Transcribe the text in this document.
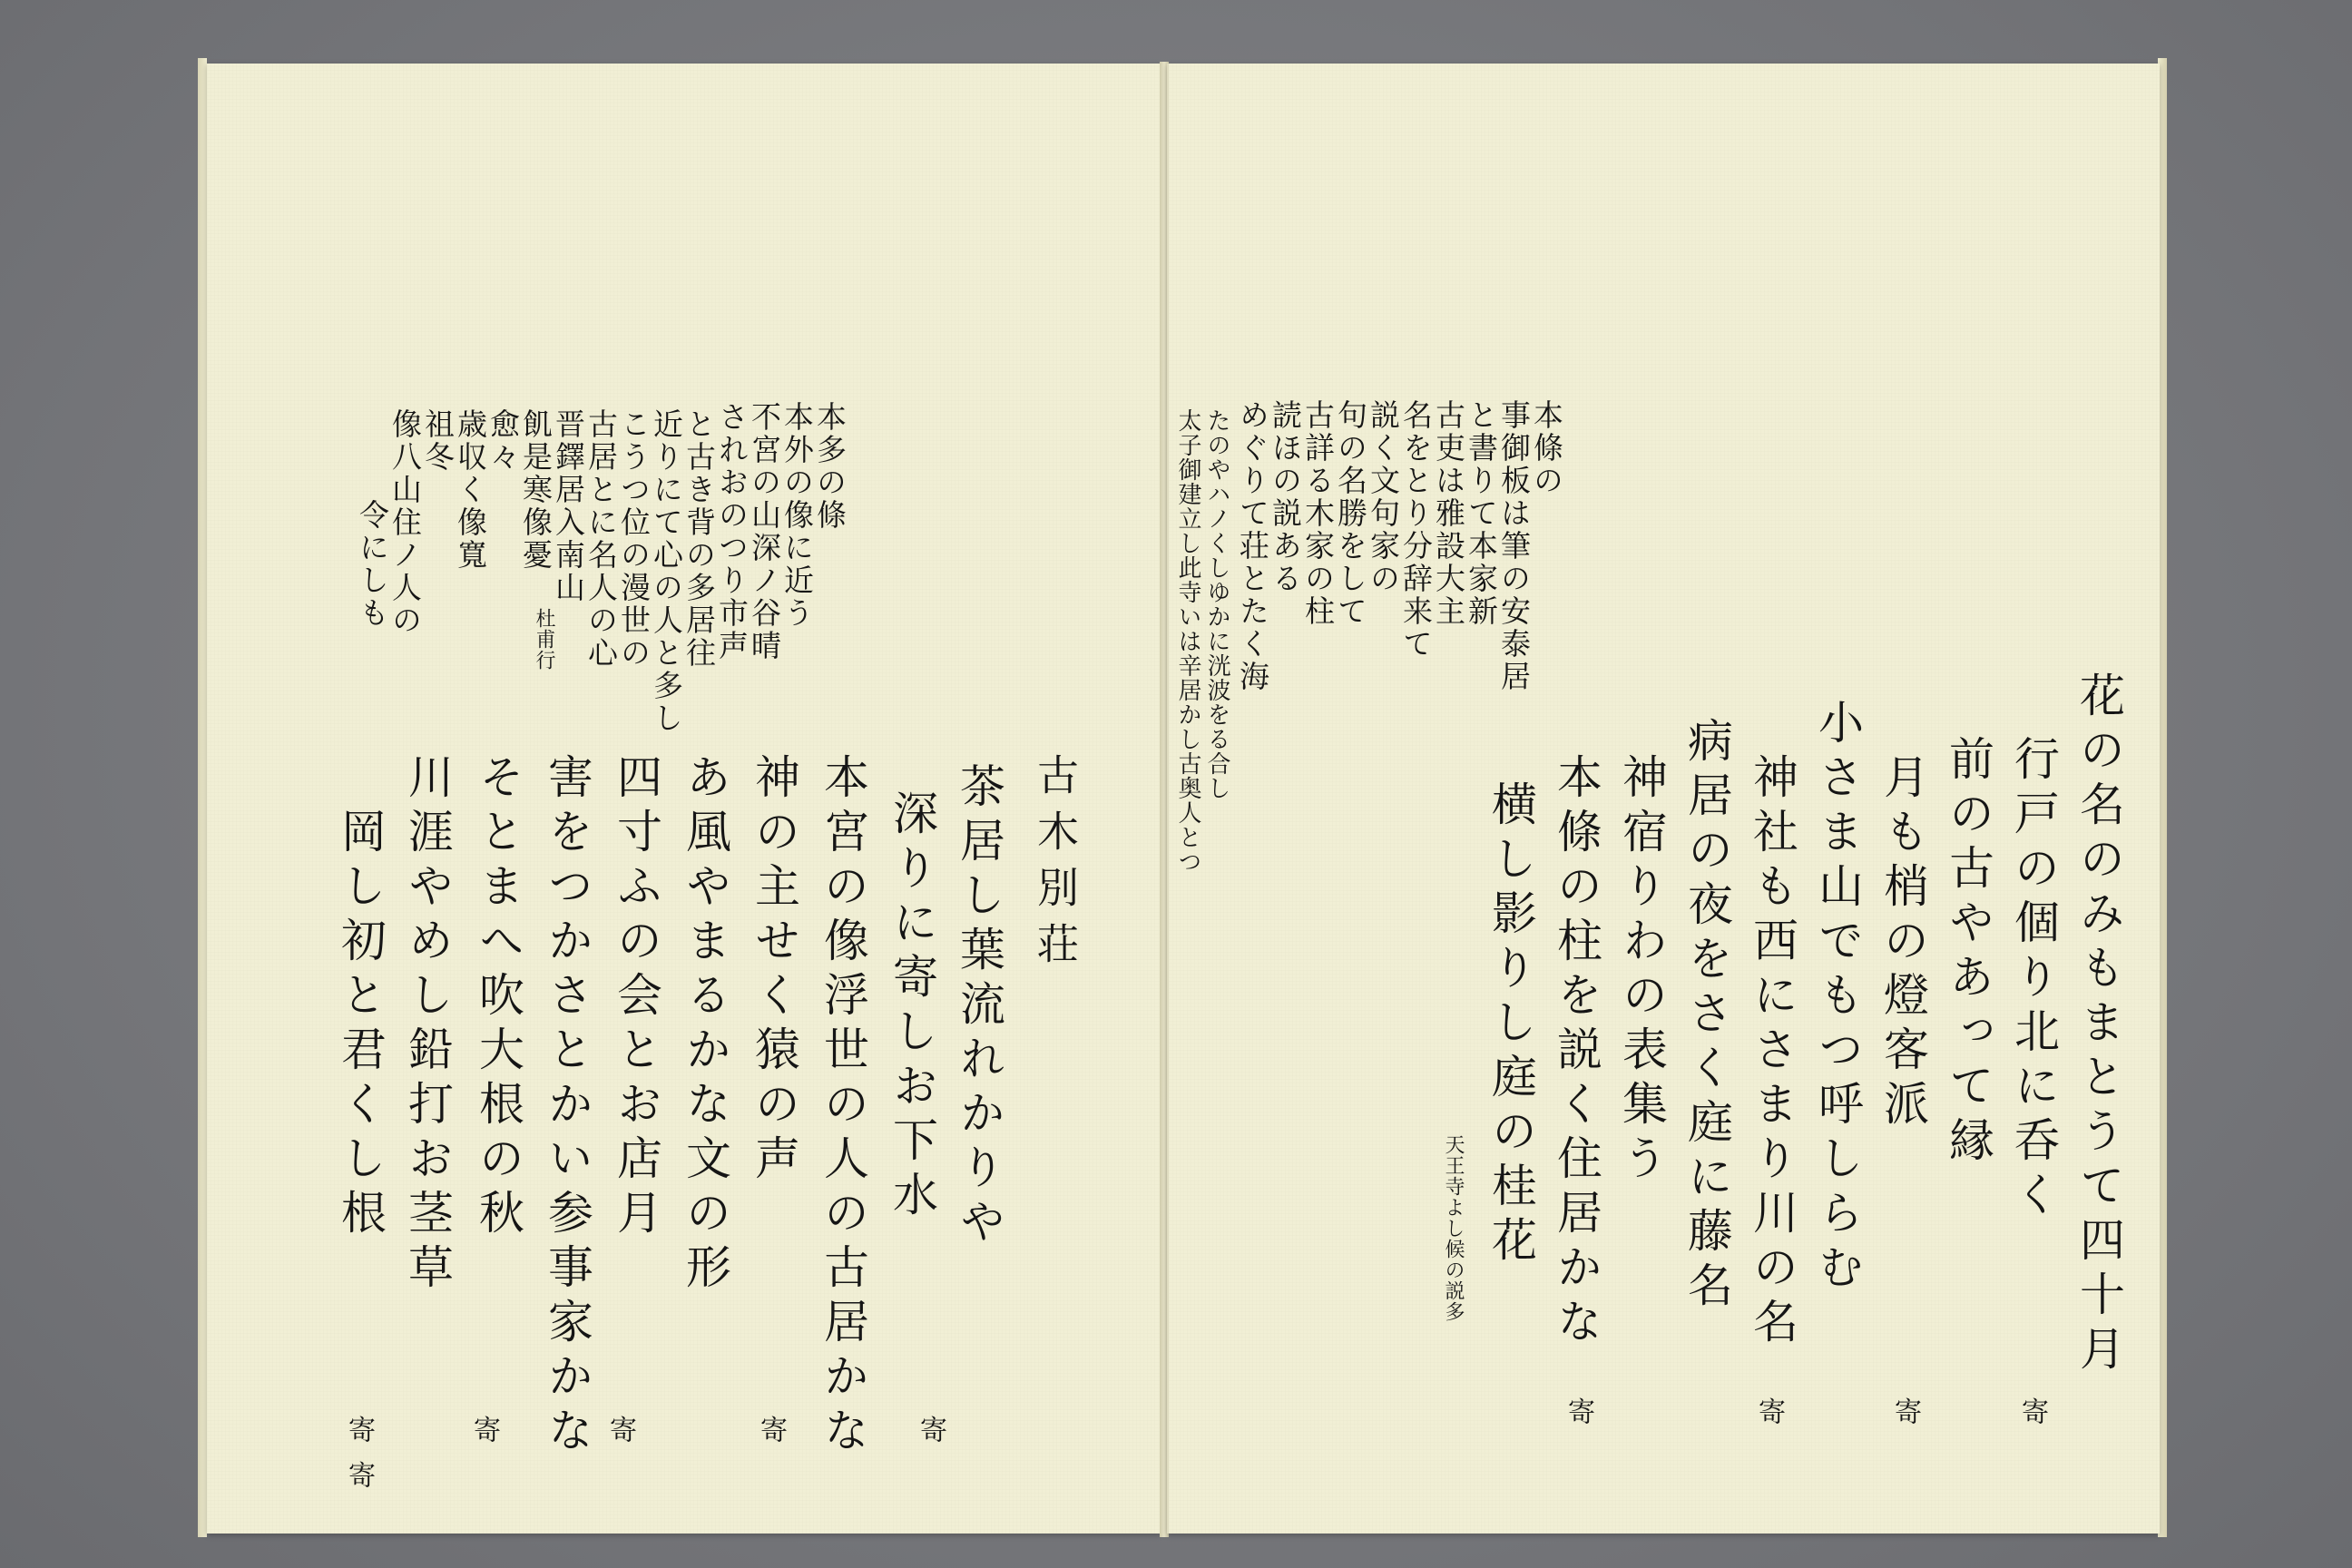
本多の條
本外の像に近う
不宮の山深ノ谷晴
されおのつり市声
と古き背の多居往
近りにて心の人と多し
こうつ位の漫世の
古居とに名人の心
晋鐸居入南山
飢是寒像憂
愈々
杜甫行
歳収く像寬
祖冬
像八山住ノ人の
令にしも
古木別荘
茶居し葉流れかりや
深りに寄しお下水
本宮の像浮世の人の古居かな
神の主せく猿の声
あ風やまるかな文の形
四寸ふの会とお店月
害をつかさとかい参事家かな
そとまへ吹大根の秋
川涯やめし鉛打お茎草
岡し初と君くし根
寄
寄
寄
寄
寄
寄
本條の
事御板は筆の安泰居
と書りて本家新
古吏は雅設大主
名をとり分辞来て
説く文句家の
句の名勝をして
古詳る木家の柱
読ほの説ある
めぐりて荘とたく海
たのやハノくしゆかに洸波をる合し
太子御建立し此寺いは辛居かし古奥人とつ
天王寺よし候の説多	花の名のみもまとうて四十月
行戸の個り北に呑く
前の古やあって縁
月も梢の燈客派
小さま山でもつ呼しらむ
神社も西にさまり川の名
病居の夜をさく庭に藤名
神宿りわの表集う
本條の柱を説く住居かな
横し影りし庭の桂花
寄
寄
寄
寄
